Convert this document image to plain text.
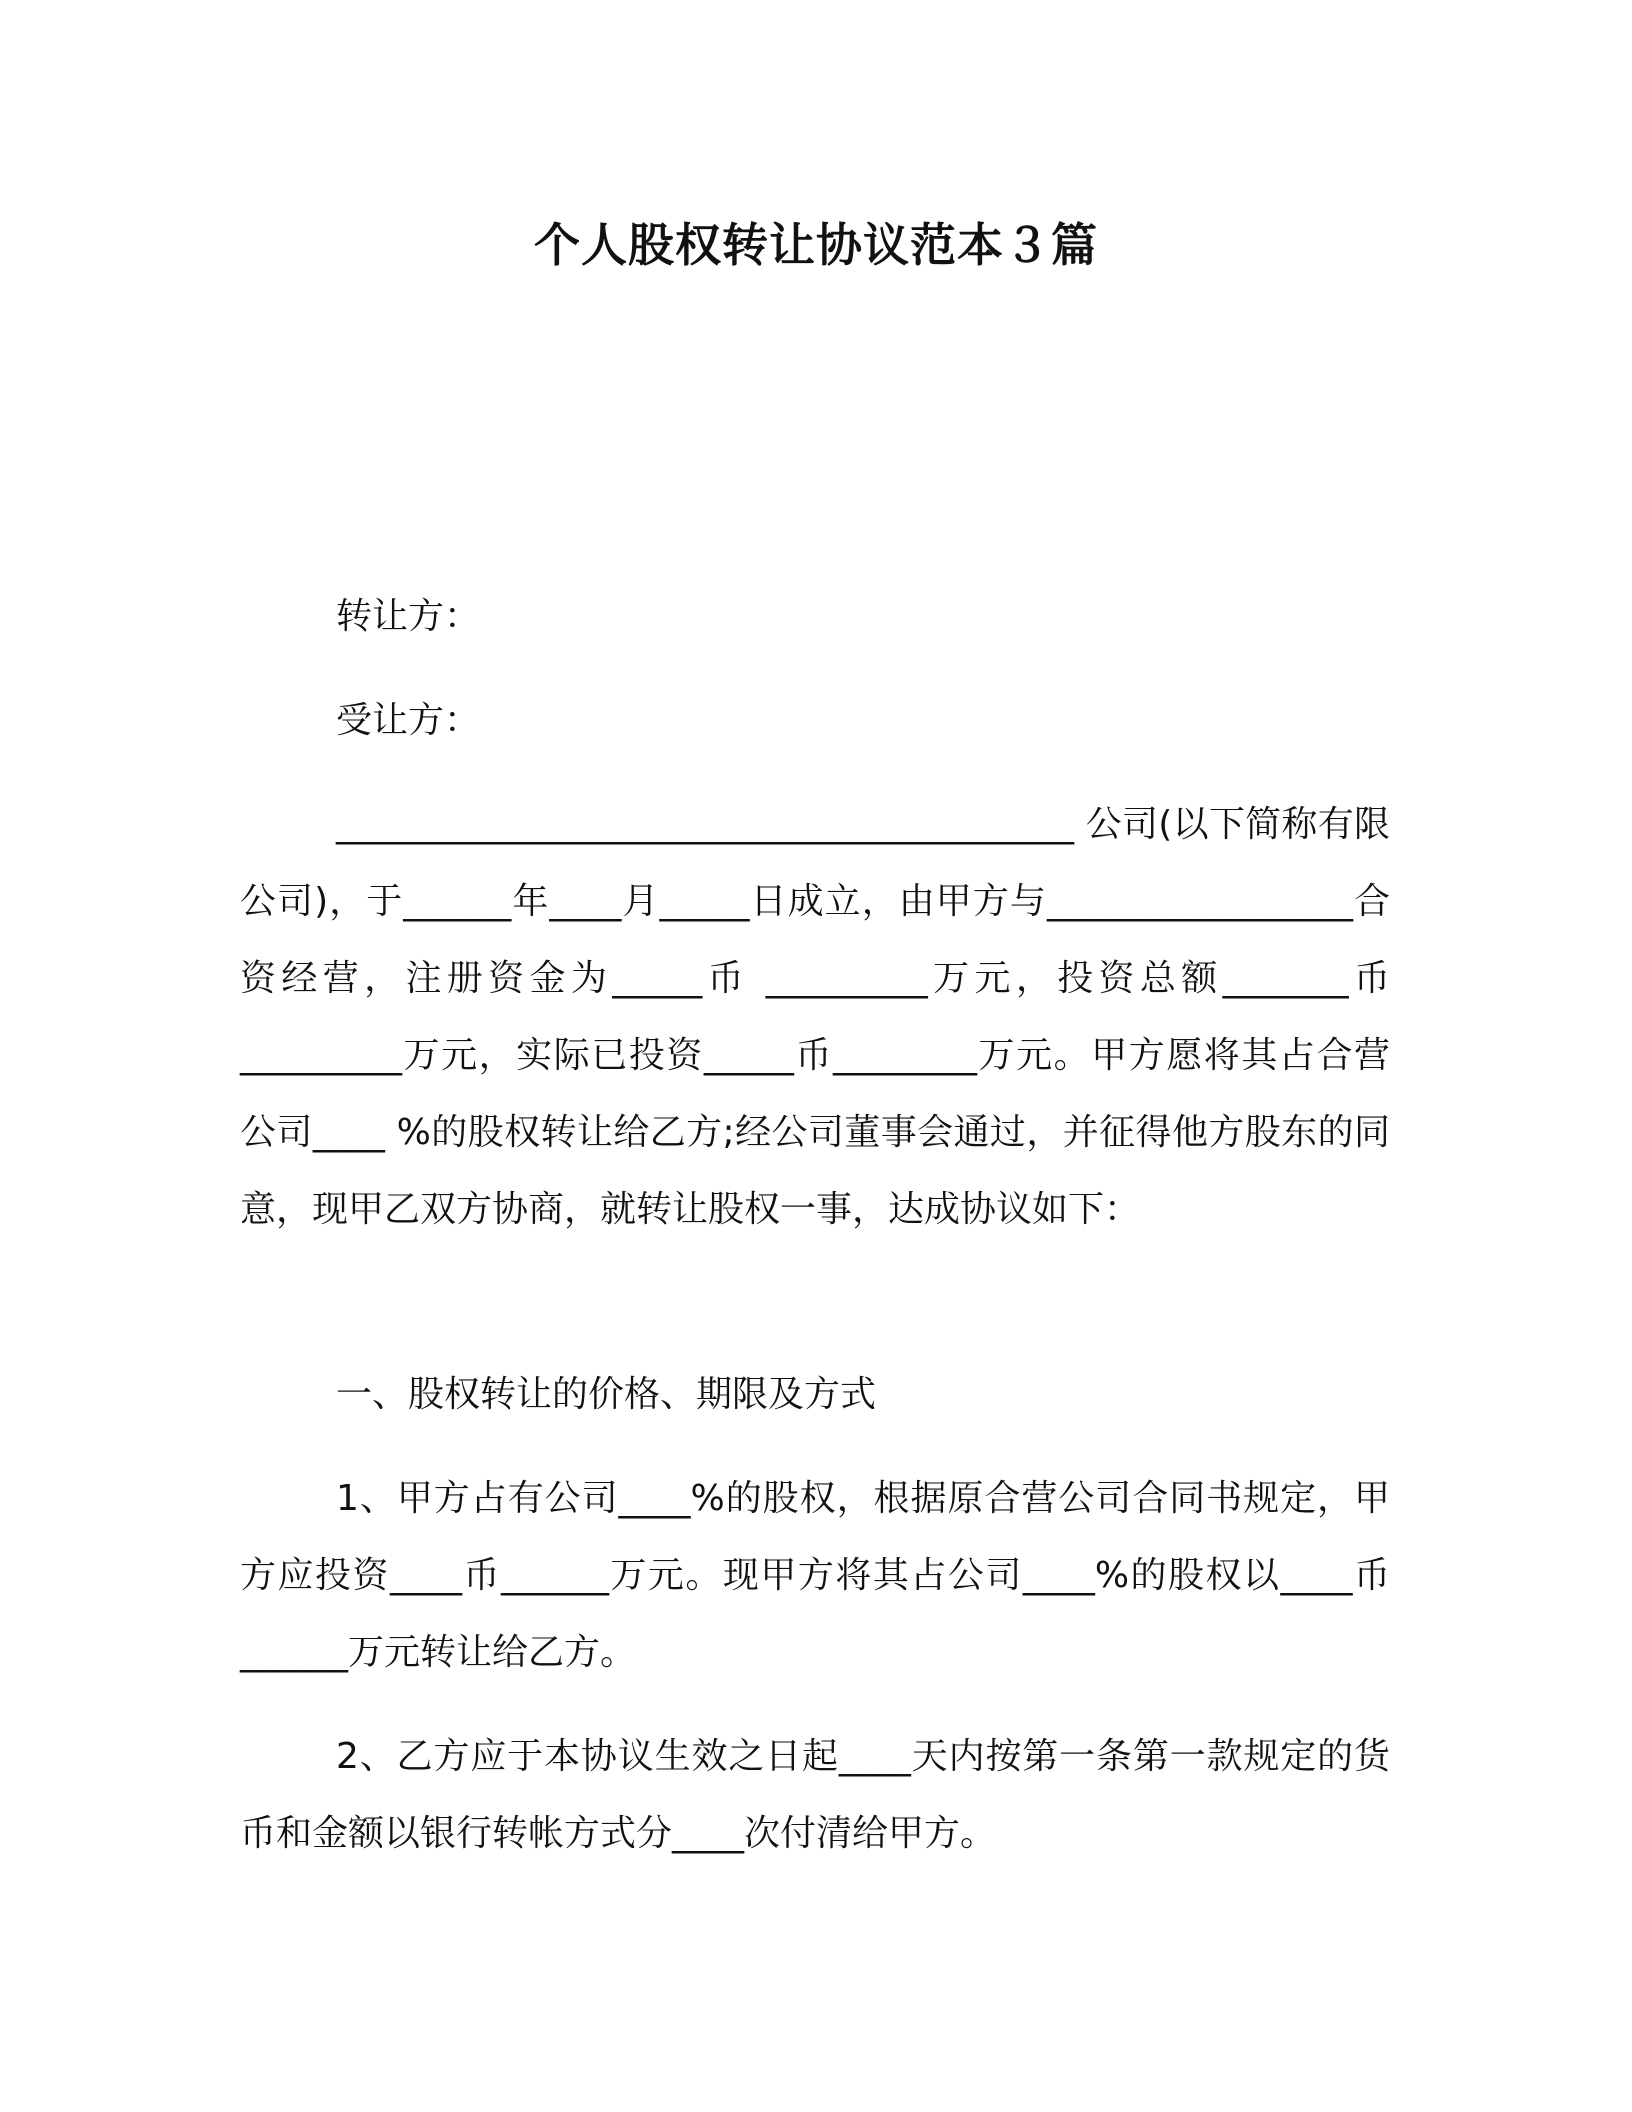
个人股权转让协议范本３篇

转让方：

受让方：

_________________________________________ 公司(以下简称有限公司)，于______年____月_____日成立，由甲方与_________________合资经营，注册资金为_____币 _________万元，投资总额_______币_________万元，实际已投资_____币________万元。甲方愿将其占合营公司____ %的股权转让给乙方;经公司董事会通过，并征得他方股东的同意，现甲乙双方协商，就转让股权一事，达成协议如下：

一、股权转让的价格、期限及方式

1、甲方占有公司____%的股权，根据原合营公司合同书规定，甲方应投资____币______万元。现甲方将其占公司____%的股权以____币______万元转让给乙方。

2、乙方应于本协议生效之日起____天内按第一条第一款规定的货币和金额以银行转帐方式分____次付清给甲方。
